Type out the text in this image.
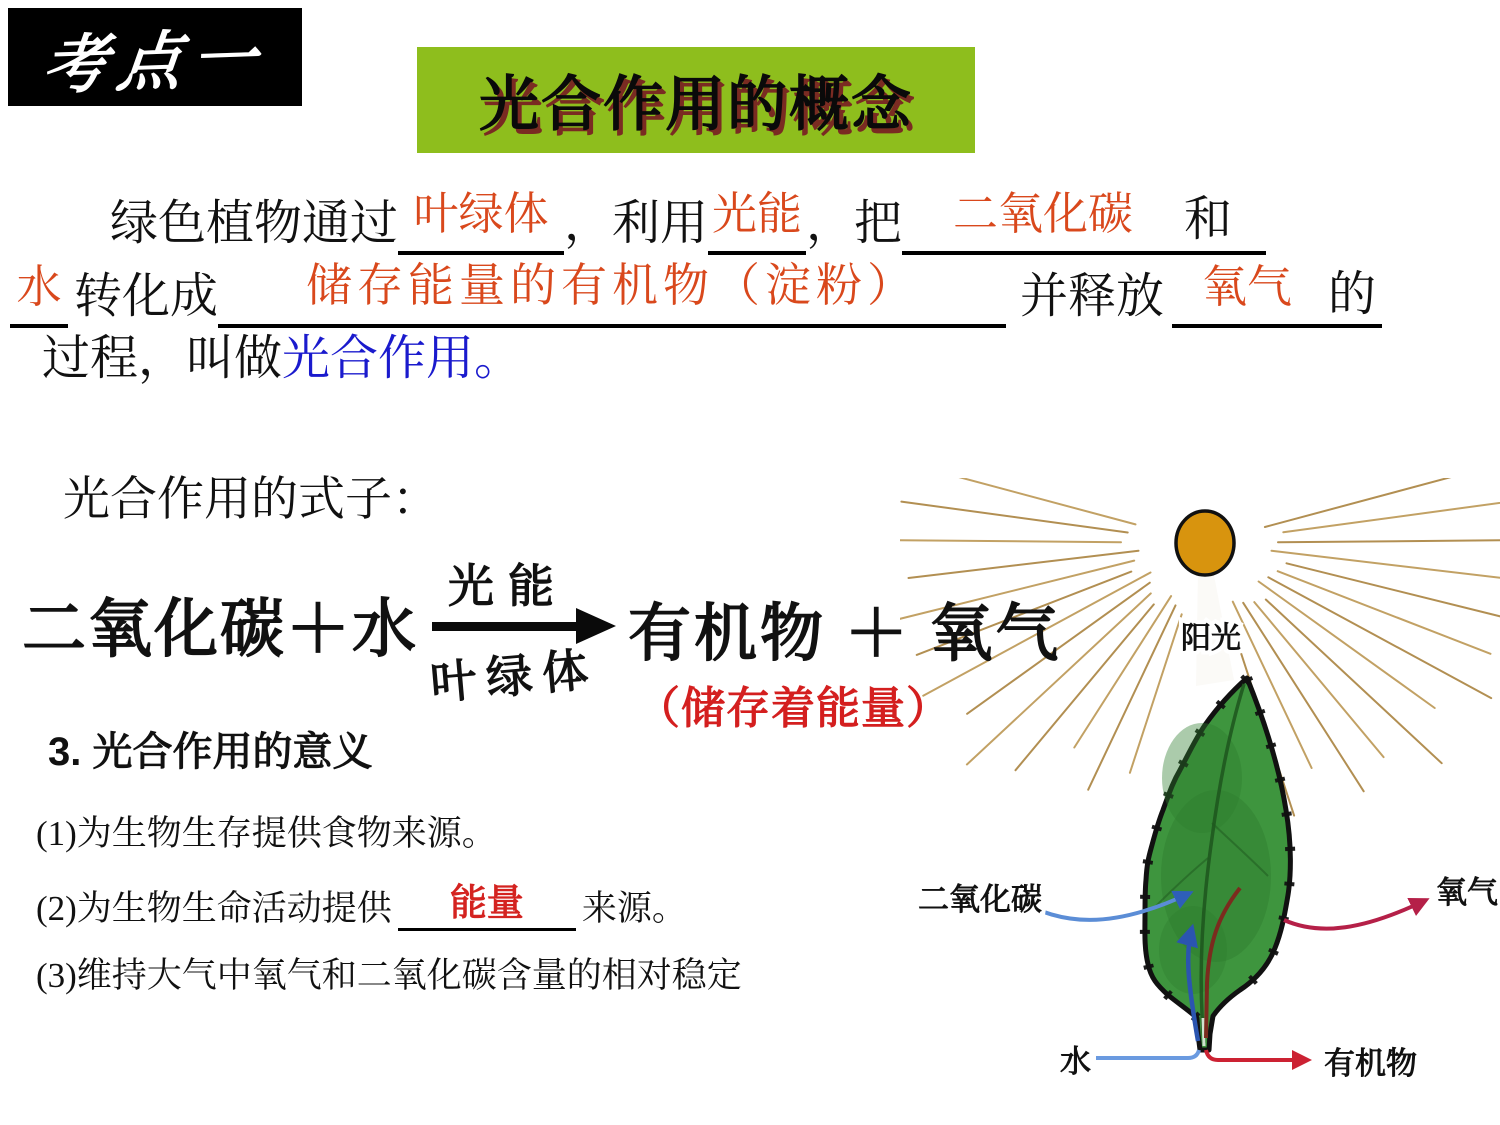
考点一
光合作用的概念
绿色植物通过 叶绿体 ，利用 光能 ，把 二氧化碳 和
水 转化成 储存能量的有机物（淀粉） 并释放 氧气 的
过程，叫做 光合作用。
光合作用的式子：
二氧化碳＋水
光能
叶绿体
有机物 ＋ 氧气
（储存着能量）
3. 光合作用的意义
(1)为生物生存提供食物来源。
(2)为生物生命活动提供 能量 来源。
(3)维持大气中氧气和二氧化碳含量的相对稳定
阳光
二氧化碳	氧气
水	有机物
